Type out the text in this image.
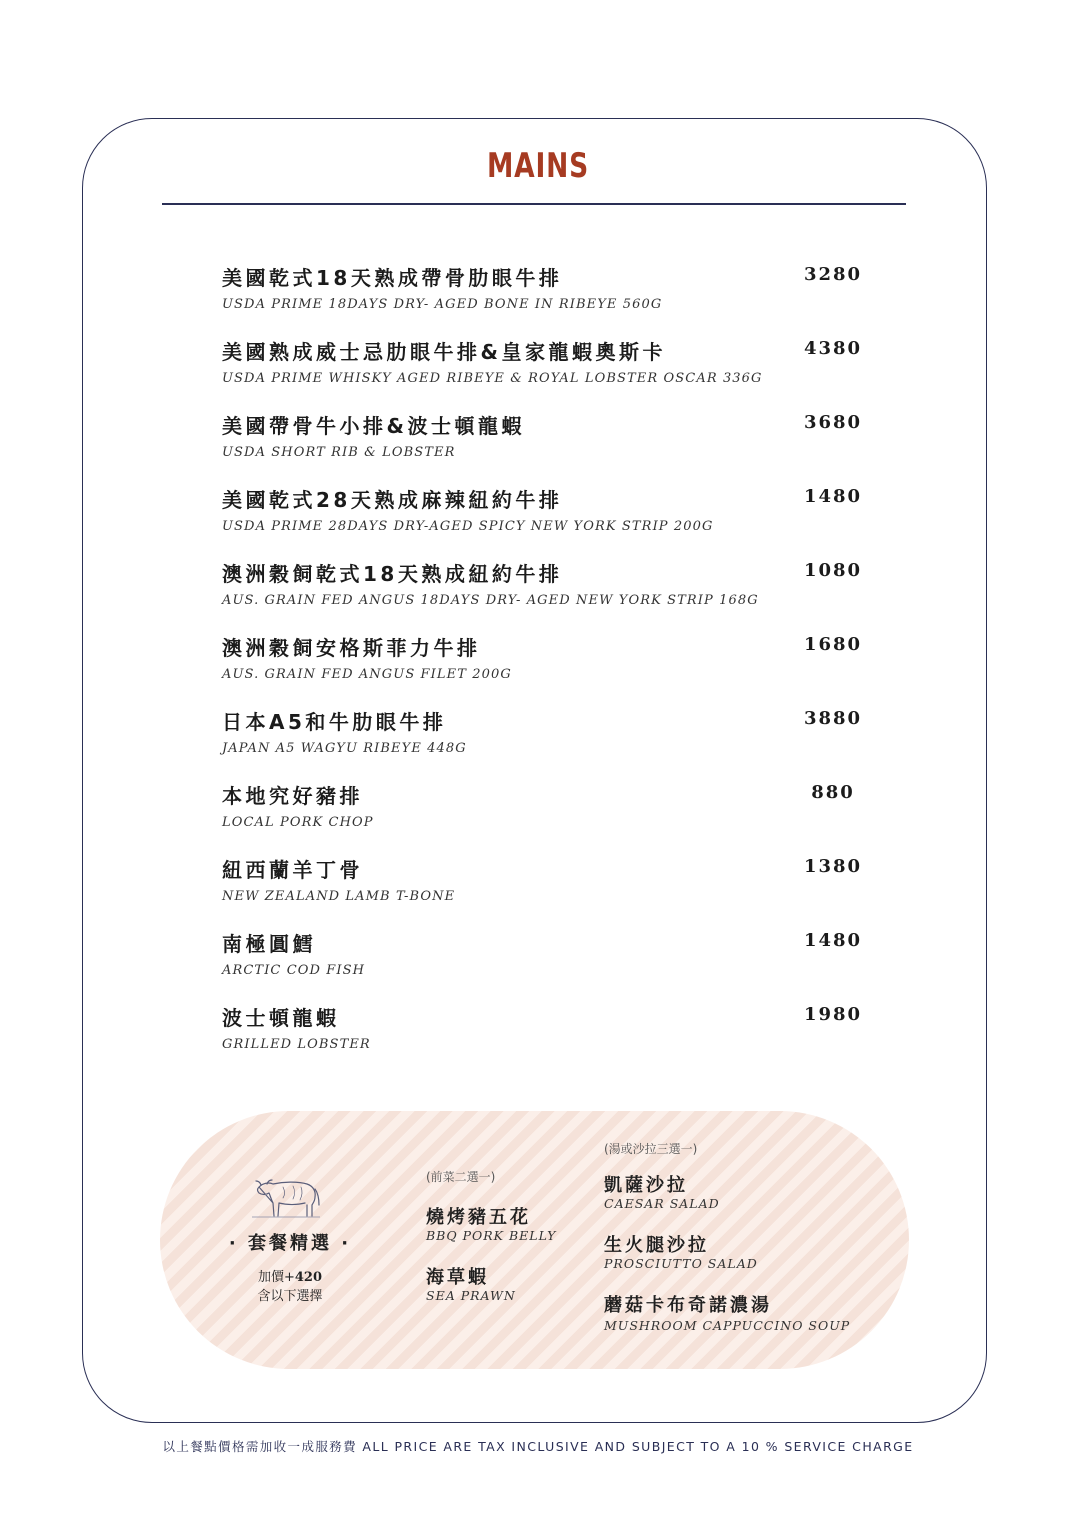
MAINS
美國乾式18天熟成帶骨肋眼牛排
USDA PRIME 18DAYS DRY- AGED BONE IN RIBEYE 560G
3280
美國熟成威士忌肋眼牛排&皇家龍蝦奧斯卡
USDA PRIME WHISKY AGED RIBEYE & ROYAL LOBSTER OSCAR 336G
4380
美國帶骨牛小排&波士頓龍蝦
USDA SHORT RIB & LOBSTER
3680
美國乾式28天熟成麻辣紐約牛排
USDA PRIME 28DAYS DRY-AGED SPICY NEW YORK STRIP 200G
1480
澳洲穀飼乾式18天熟成紐約牛排
AUS. GRAIN FED ANGUS 18DAYS DRY- AGED NEW YORK STRIP 168G
1080
澳洲穀飼安格斯菲力牛排
AUS. GRAIN FED ANGUS FILET 200G
1680
日本A5和牛肋眼牛排
JAPAN A5 WAGYU RIBEYE 448G
3880
本地究好豬排
LOCAL PORK CHOP
880
紐西蘭羊丁骨
NEW ZEALAND LAMB T-BONE
1380
南極圓鱈
ARCTIC COD FISH
1480
波士頓龍蝦
GRILLED LOBSTER
1980
· 套餐精選 ·
加價+420
含以下選擇
(前菜二選一)
燒烤豬五花
BBQ PORK BELLY
海草蝦
SEA PRAWN
(湯或沙拉三選一)
凱薩沙拉
CAESAR SALAD
生火腿沙拉
PROSCIUTTO SALAD
蘑菇卡布奇諾濃湯
MUSHROOM CAPPUCCINO SOUP
以上餐點價格需加收一成服務費 ALL PRICE ARE TAX INCLUSIVE AND SUBJECT TO A 10 % SERVICE CHARGE
